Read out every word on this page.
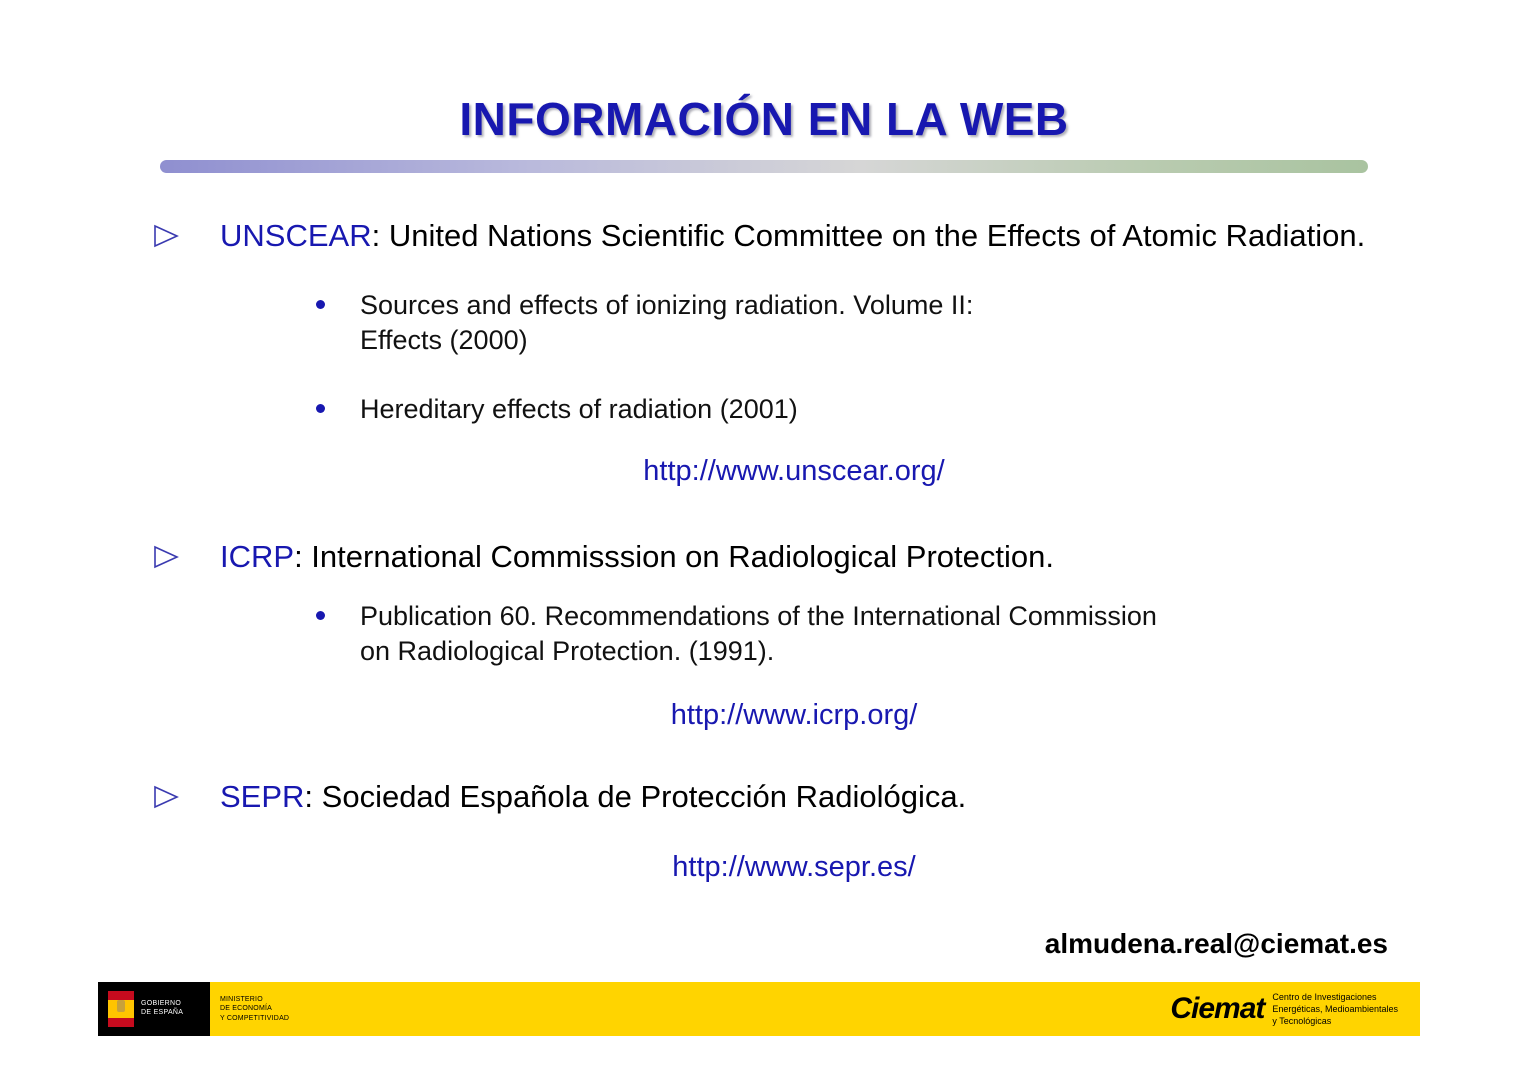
INFORMACIÓN EN LA WEB
UNSCEAR: United Nations Scientific Committee on the Effects of Atomic Radiation.
Sources and effects of ionizing radiation. Volume II:
Effects (2000)
Hereditary effects of radiation (2001)
http://www.unscear.org/
ICRP: International Commisssion on Radiological Protection.
Publication 60. Recommendations of the International Commission
on Radiological Protection. (1991).
http://www.icrp.org/
SEPR: Sociedad Española de Protección Radiológica.
http://www.sepr.es/
almudena.real@ciemat.es
GOBIERNO
DE ESPAÑA
MINISTERIO
DE ECONOMÍA
Y COMPETITIVIDAD	Ciemat Centro de Investigaciones
Energéticas, Medioambientales
y Tecnológicas
